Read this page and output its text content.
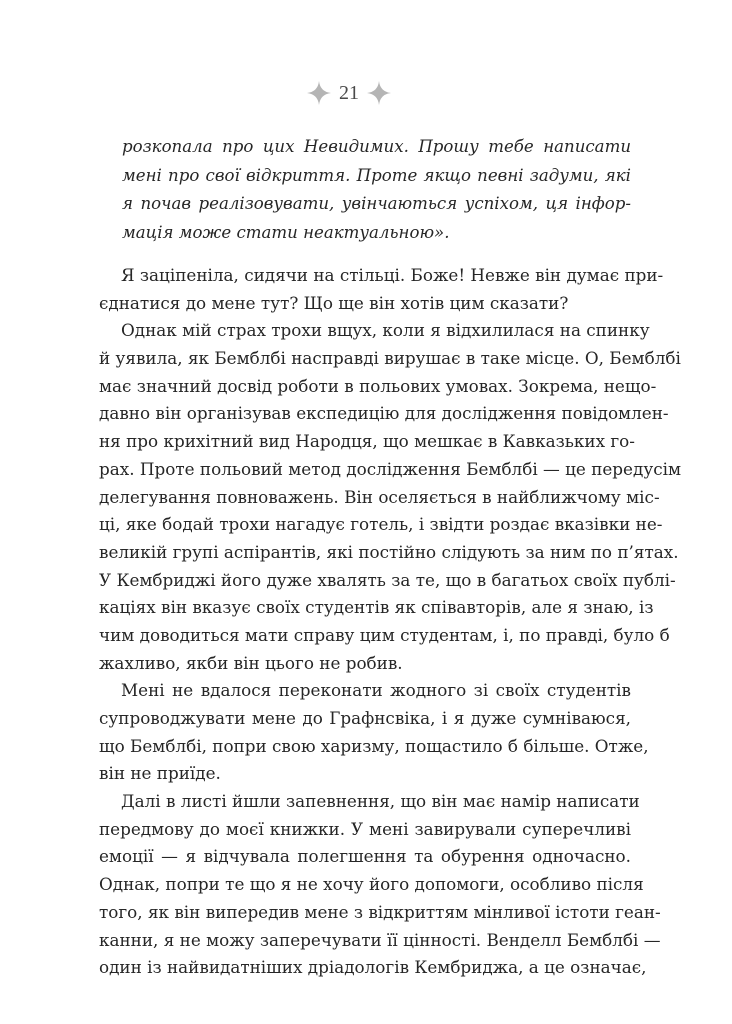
21
розкопала про цих Невидимих. Прошу тебе написати
мені про свої відкриття. Проте якщо певні задуми, які
я почав реалізовувати, увінчаються успіхом, ця інфор-
мація може стати неактуальною».
Я заціпеніла, сидячи на стільці. Боже! Невже він думає при-
єднатися до мене тут? Що ще він хотів цим сказати?
Однак мій страх трохи вщух, коли я відхилилася на спинку
й уявила, як Бемблбі насправді вирушає в таке місце. О, Бемблбі
має значний досвід роботи в польових умовах. Зокрема, нещо-
давно він організував експедицію для дослідження повідомлен-
ня про крихітний вид Народця, що мешкає в Кавказьких го-
рах. Проте польовий метод дослідження Бемблбі — це передусім
делегування повноважень. Він оселяється в найближчому міс-
ці, яке бодай трохи нагадує готель, і звідти роздає вказівки не-
великій групі аспірантів, які постійно слідують за ним по п’ятах.
У Кембриджі його дуже хвалять за те, що в багатьох своїх публі-
каціях він вказує своїх студентів як співавторів, але я знаю, із
чим доводиться мати справу цим студентам, і, по правді, було б
жахливо, якби він цього не робив.
Мені не вдалося переконати жодного зі своїх студентів
супроводжувати мене до Графнсвіка, і я дуже сумніваюся,
що Бемблбі, попри свою харизму, пощастило б більше. Отже,
він не приїде.
Далі в листі йшли запевнення, що він має намір написати
передмову до моєї книжки. У мені завирували суперечливі
емоції — я відчувала полегшення та обурення одночасно.
Однак, попри те що я не хочу його допомоги, особливо після
того, як він випередив мене з відкриттям мінливої істоти геан-
канни, я не можу заперечувати її цінності. Венделл Бемблбі —
один із найвидатніших дріадологів Кембриджа, а це означає,
